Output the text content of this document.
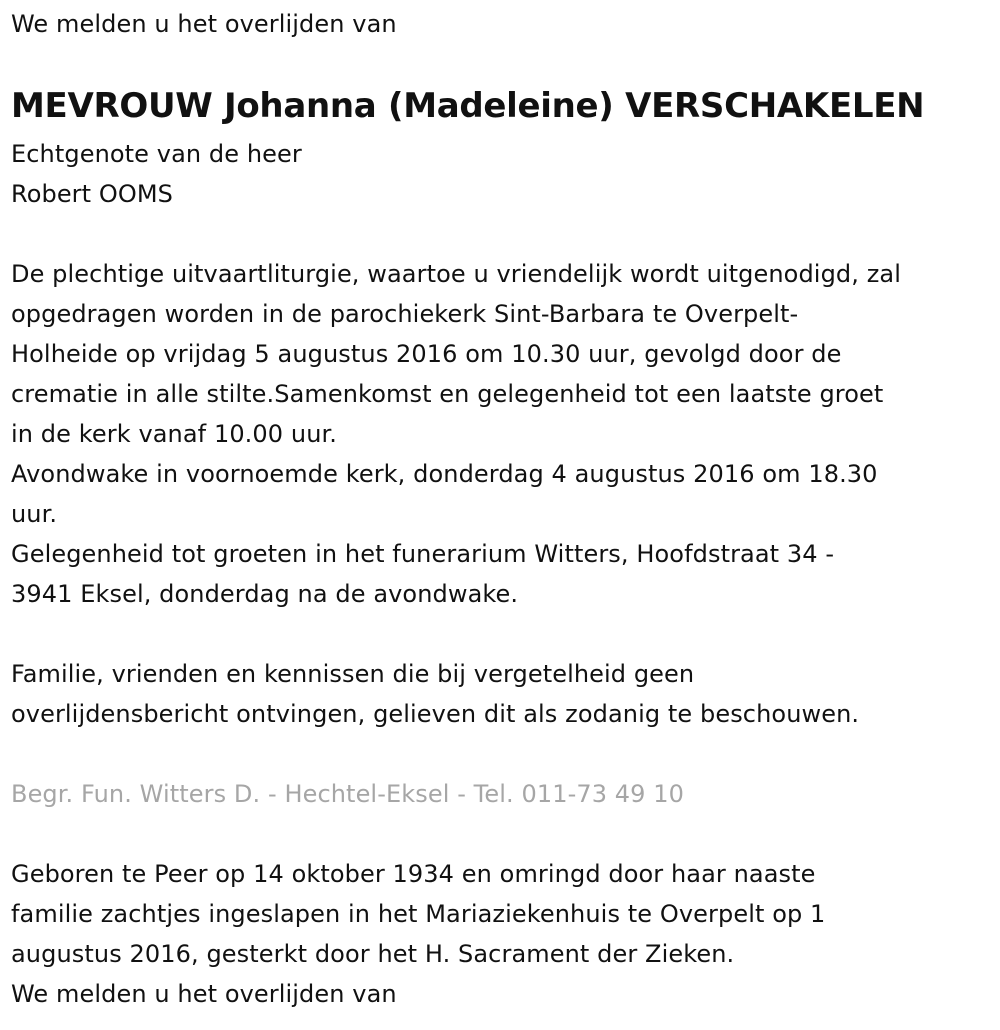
We melden u het overlijden van
MEVROUW Johanna (Madeleine) VERSCHAKELEN
Echtgenote van de heer
Robert OOMS
De plechtige uitvaartliturgie, waartoe u vriendelijk wordt uitgenodigd, zal
opgedragen worden in de parochiekerk Sint-Barbara te Overpelt-
Holheide op vrijdag 5 augustus 2016 om 10.30 uur, gevolgd door de
crematie in alle stilte.Samenkomst en gelegenheid tot een laatste groet
in de kerk vanaf 10.00 uur.
Avondwake in voornoemde kerk, donderdag 4 augustus 2016 om 18.30
uur.
Gelegenheid tot groeten in het funerarium Witters, Hoofdstraat 34 -
3941 Eksel, donderdag na de avondwake.
Familie, vrienden en kennissen die bij vergetelheid geen
overlijdensbericht ontvingen, gelieven dit als zodanig te beschouwen.
Begr. Fun. Witters D. - Hechtel-Eksel - Tel. 011-73 49 10
Geboren te Peer op 14 oktober 1934 en omringd door haar naaste
familie zachtjes ingeslapen in het Mariaziekenhuis te Overpelt op 1
augustus 2016, gesterkt door het H. Sacrament der Zieken.
We melden u het overlijden van
